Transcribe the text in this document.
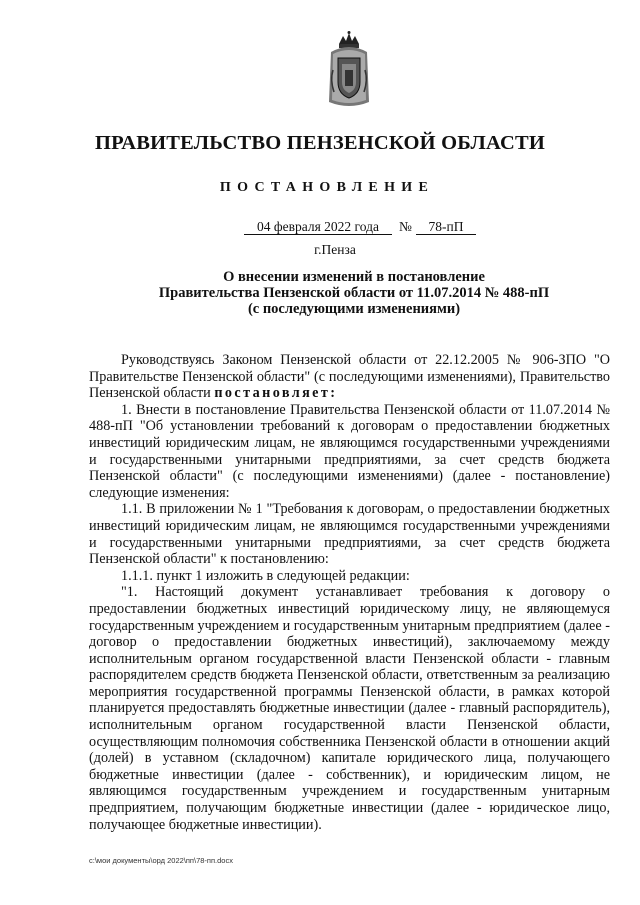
ПРАВИТЕЛЬСТВО ПЕНЗЕНСКОЙ ОБЛАСТИ
ПОСТАНОВЛЕНИЕ
04 февраля 2022 года	№	78-пП
г.Пенза
О внесении изменений в постановление
Правительства Пензенской области от 11.07.2014 № 488-пП
(с последующими изменениями)

Руководствуясь Законом Пензенской области от 22.12.2005 № 906-ЗПО "О Правительстве Пензенской области" (с последующими изменениями), Правительство Пензенской области постановляет:

1. Внести в постановление Правительства Пензенской области от 11.07.2014 № 488-пП "Об установлении требований к договорам о предоставлении бюджетных инвестиций юридическим лицам, не являющимся государственными учреждениями и государственными унитарными предприятиями, за счет средств бюджета Пензенской области" (с последующими изменениями) (далее - постановление) следующие изменения:

1.1. В приложении № 1 "Требования к договорам, о предоставлении бюджетных инвестиций юридическим лицам, не являющимся государственными учреждениями и государственными унитарными предприятиями, за счет средств бюджета Пензенской области" к постановлению:

1.1.1. пункт 1 изложить в следующей редакции:

"1. Настоящий документ устанавливает требования к договору о предоставлении бюджетных инвестиций юридическому лицу, не являющемуся государственным учреждением и государственным унитарным предприятием (далее - договор о предоставлении бюджетных инвестиций), заключаемому между исполнительным органом государственной власти Пензенской области - главным распорядителем средств бюджета Пензенской области, ответственным за реализацию мероприятия государственной программы Пензенской области, в рамках которой планируется предоставлять бюджетные инвестиции (далее - главный распорядитель), исполнительным органом государственной власти Пензенской области, осуществляющим полномочия собственника Пензенской области в отношении акций (долей) в уставном (складочном) капитале юридического лица, получающего бюджетные инвестиции (далее - собственник), и юридическим лицом, не являющимся государственным учреждением и государственным унитарным предприятием, получающим бюджетные инвестиции (далее - юридическое лицо, получающее бюджетные инвестиции).

c:\мои документы\орд 2022\пп\78-пп.docx
